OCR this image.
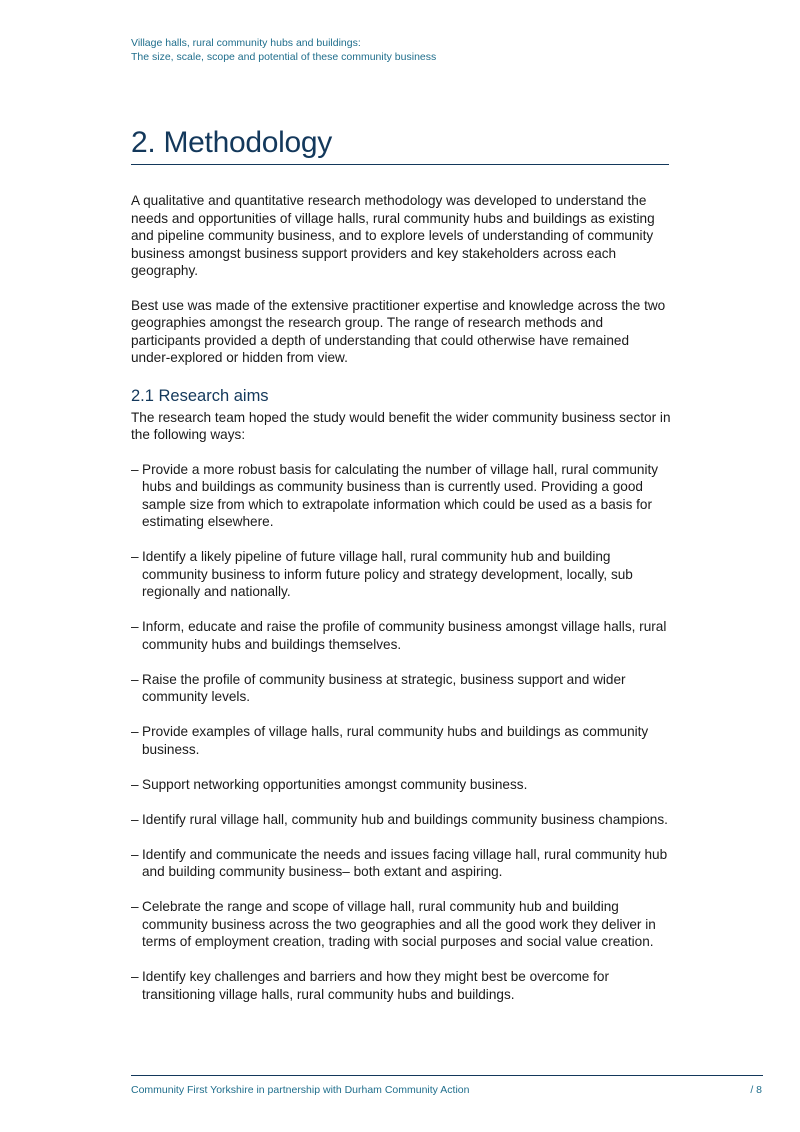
Village halls, rural community hubs and buildings:
The size, scale, scope and potential of these community business
2. Methodology

A qualitative and quantitative research methodology was developed to understand the needs and opportunities of village halls, rural community hubs and buildings as existing and pipeline community business, and to explore levels of understanding of community business amongst business support providers and key stakeholders across each geography.

Best use was made of the extensive practitioner expertise and knowledge across the two geographies amongst the research group. The range of research methods and participants provided a depth of understanding that could otherwise have remained under-explored or hidden from view.

2.1 Research aims

The research team hoped the study would benefit the wider community business sector in the following ways:

– Provide a more robust basis for calculating the number of village hall, rural community hubs and buildings as community business than is currently used. Providing a good sample size from which to extrapolate information which could be used as a basis for estimating elsewhere.
– Identify a likely pipeline of future village hall, rural community hub and building community business to inform future policy and strategy development, locally, sub regionally and nationally.
– Inform, educate and raise the profile of community business amongst village halls, rural community hubs and buildings themselves.
– Raise the profile of community business at strategic, business support and wider community levels.
– Provide examples of village halls, rural community hubs and buildings as community business.
– Support networking opportunities amongst community business.
– Identify rural village hall, community hub and buildings community business champions.
– Identify and communicate the needs and issues facing village hall, rural community hub and building community business– both extant and aspiring.
– Celebrate the range and scope of village hall, rural community hub and building community business across the two geographies and all the good work they deliver in terms of employment creation, trading with social purposes and social value creation.
– Identify key challenges and barriers and how they might best be overcome for transitioning village halls, rural community hubs and buildings.
Community First Yorkshire in partnership with Durham Community Action	/ 8
